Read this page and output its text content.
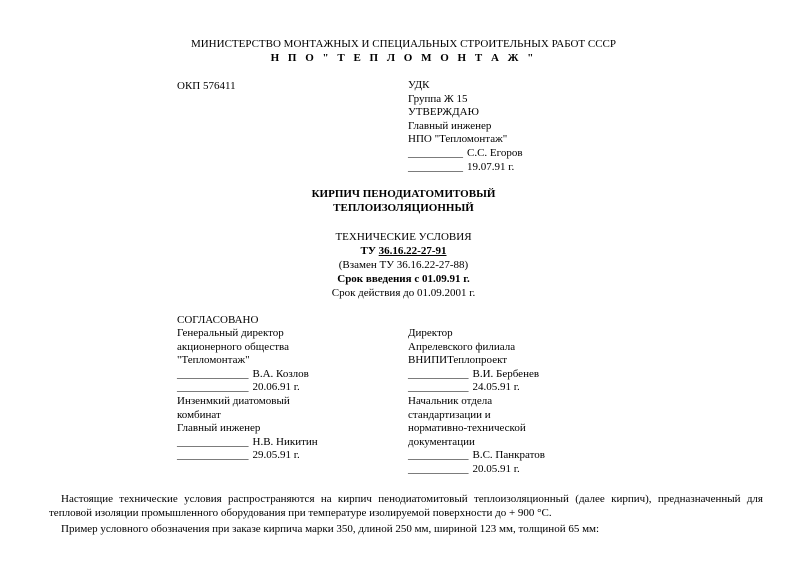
МИНИСТЕРСТВО МОНТАЖНЫХ И СПЕЦИАЛЬНЫХ СТРОИТЕЛЬНЫХ РАБОТ СССР
Н П О " Т Е П Л О М О Н Т А Ж "
ОКП 576411	УДК
Группа Ж 15
УТВЕРЖДАЮ
Главный инженер
НПО "Тепломонтаж"
__________ С.С. Егоров
__________ 19.07.91 г.
КИРПИЧ ПЕНОДИАТОМИТОВЫЙ
ТЕПЛОИЗОЛЯЦИОННЫЙ
ТЕХНИЧЕСКИЕ УСЛОВИЯ
ТУ 36.16.22-27-91
(Взамен ТУ 36.16.22-27-88)
Срок введения с 01.09.91 г.
Срок действия до 01.09.2001 г.
СОГЛАСОВАНО
Генеральный директор
акционерного общества
"Тепломонтаж"
_____________ В.А. Козлов
_____________ 20.06.91 г.
Инзенмкий диатомовый
комбинат
Главный инженер
_____________ Н.В. Никитин
_____________ 29.05.91 г.
Директор
Апрелевского филиала
ВНИПИТеплопроект
___________ В.И. Бербенев
___________ 24.05.91 г.
Начальник отдела
стандартизации и
нормативно-технической
документации
___________ В.С. Панкратов
___________ 20.05.91 г.
Настоящие технические условия распространяются на кирпич пенодиатомитовый теплоизоляционный (далее кирпич), предназначенный для тепловой изоляции промышленного оборудования при температуре изолируемой поверхности до + 900 °С.
Пример условного обозначения при заказе кирпича марки 350, длиной 250 мм, шириной 123 мм, толщиной 65 мм:
